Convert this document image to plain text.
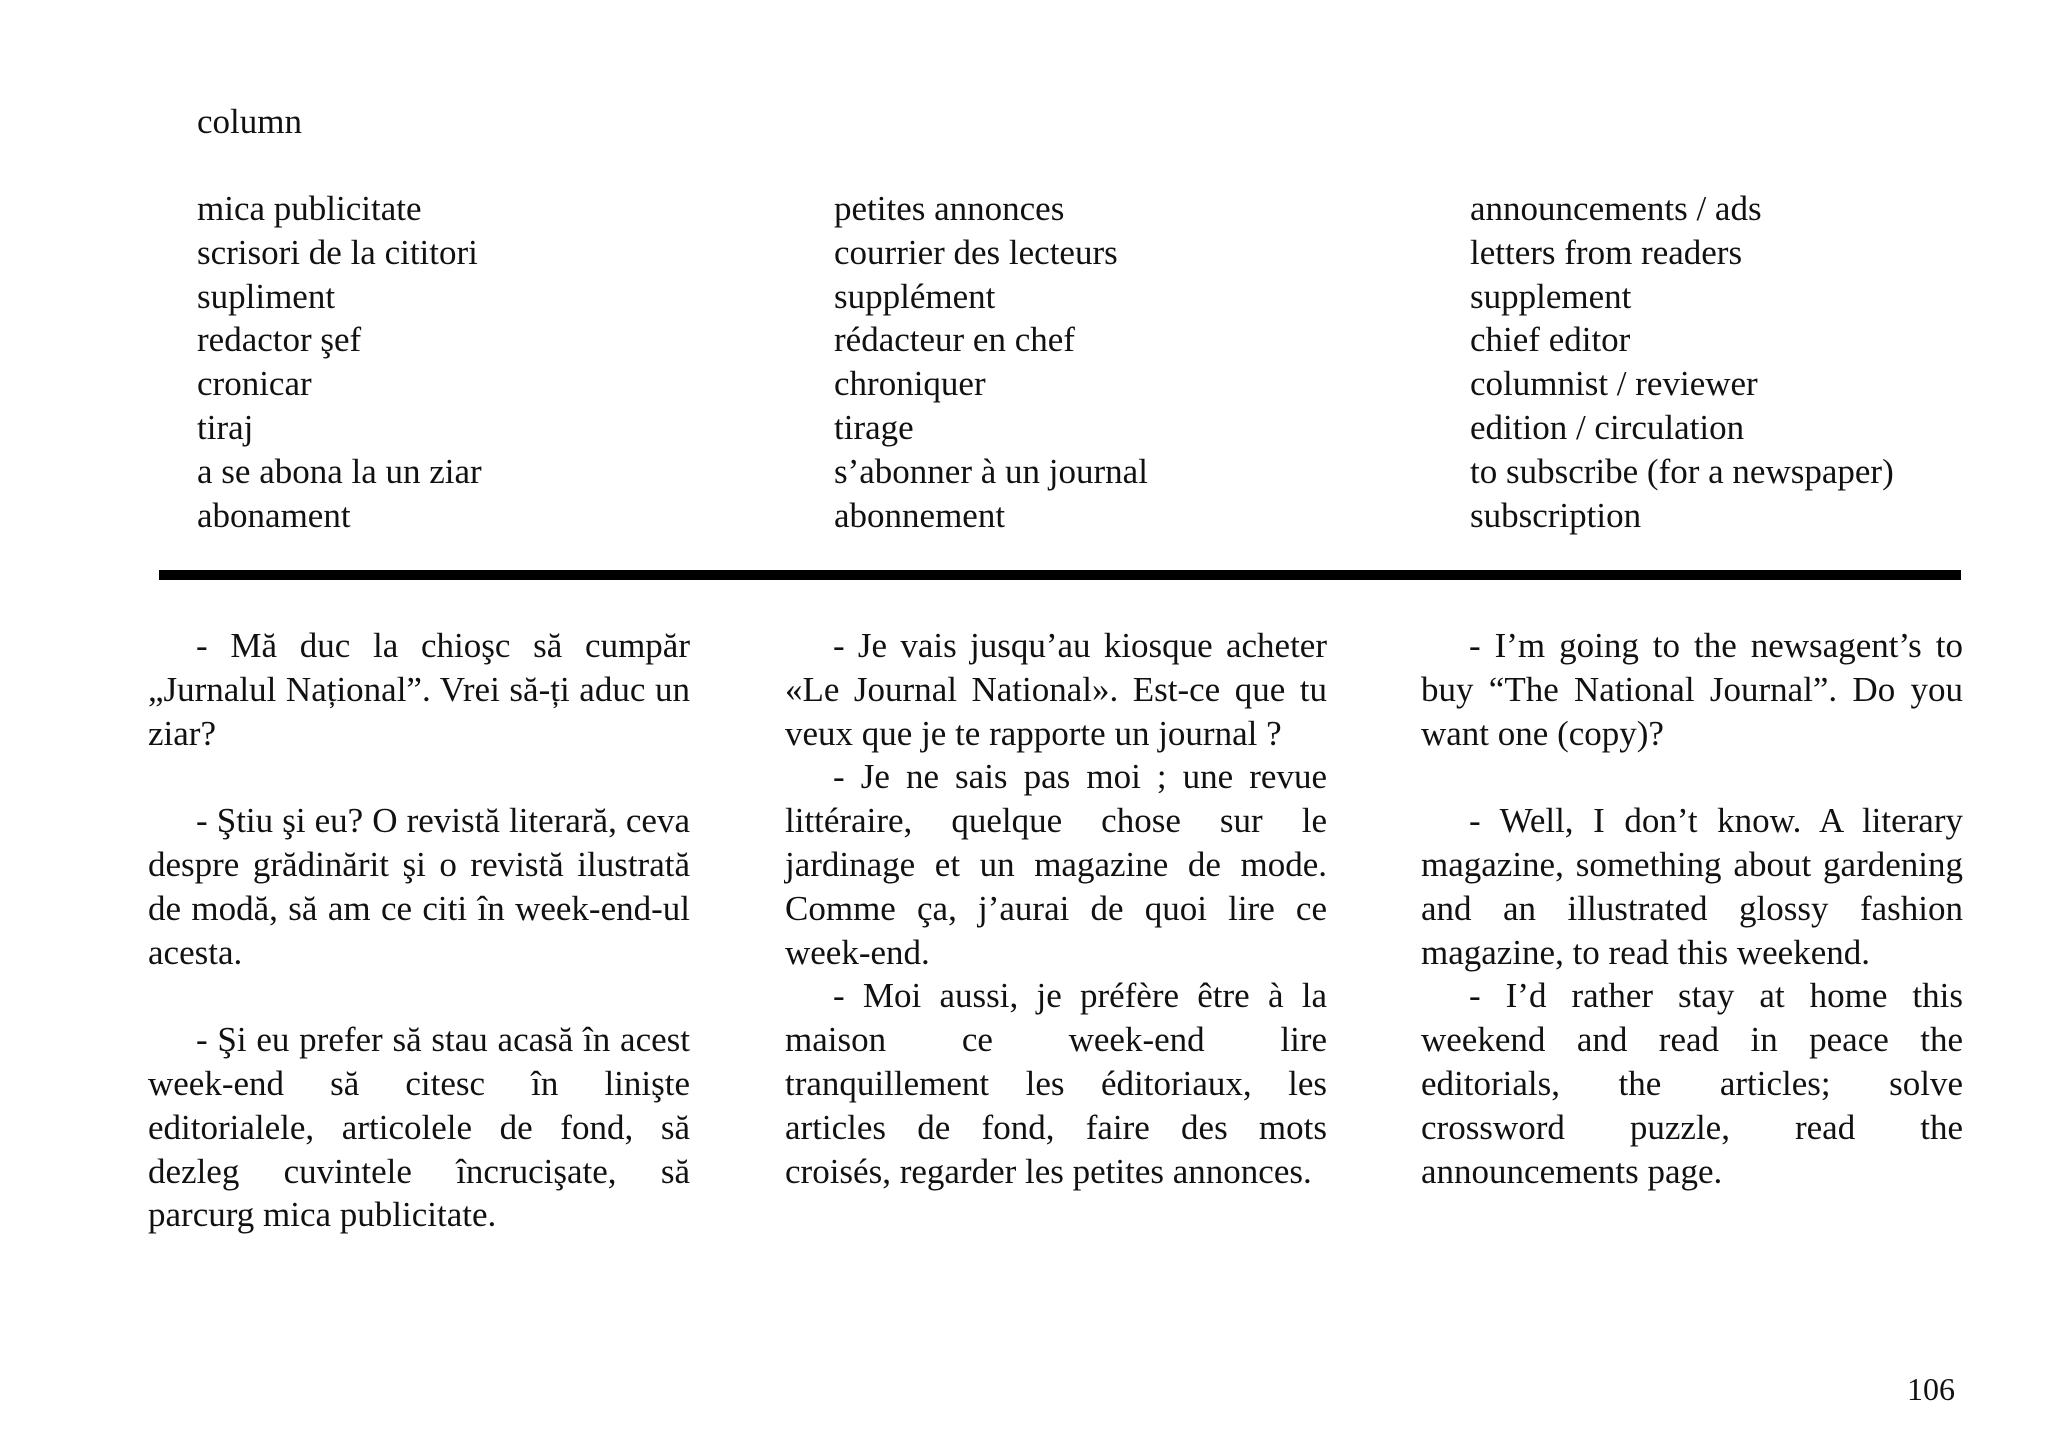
column
mica publicitate
scrisori de la cititori
supliment
redactor şef
cronicar
tiraj
a se abona la un ziar
abonament
petites annonces
courrier des lecteurs
supplément
rédacteur en chef
chroniquer
tirage
s’abonner à un journal
abonnement
announcements / ads
letters from readers
supplement
chief editor
columnist / reviewer
edition / circulation
to subscribe (for a newspaper)
subscription

- Mă duc la chioşc să cumpăr „Jurnalul Național”. Vrei să-ți aduc un ziar?

- Ştiu şi eu? O revistă literară, ceva despre grădinărit şi o revistă ilustrată de modă, să am ce citi în week-end-ul acesta.

- Şi eu prefer să stau acasă în acest week-end să citesc în linişte editorialele, articolele de fond, să dezleg cuvintele încrucişate, să parcurg mica publicitate.

- Je vais jusqu’au kiosque acheter «Le Journal National». Est-ce que tu veux que je te rapporte un journal ?

- Je ne sais pas moi ; une revue littéraire, quelque chose sur le jardinage et un magazine de mode. Comme ça, j’aurai de quoi lire ce week-end.

- Moi aussi, je préfère être à la maison ce week-end lire tranquillement les éditoriaux, les articles de fond, faire des mots croisés, regarder les petites annonces.

- I’m going to the newsagent’s to buy “The National Journal”. Do you want one (copy)?

- Well, I don’t know. A literary magazine, something about gardening and an illustrated glossy fashion magazine, to read this weekend.

- I’d rather stay at home this weekend and read in peace the editorials, the articles; solve crossword puzzle, read the announcements page.

106
